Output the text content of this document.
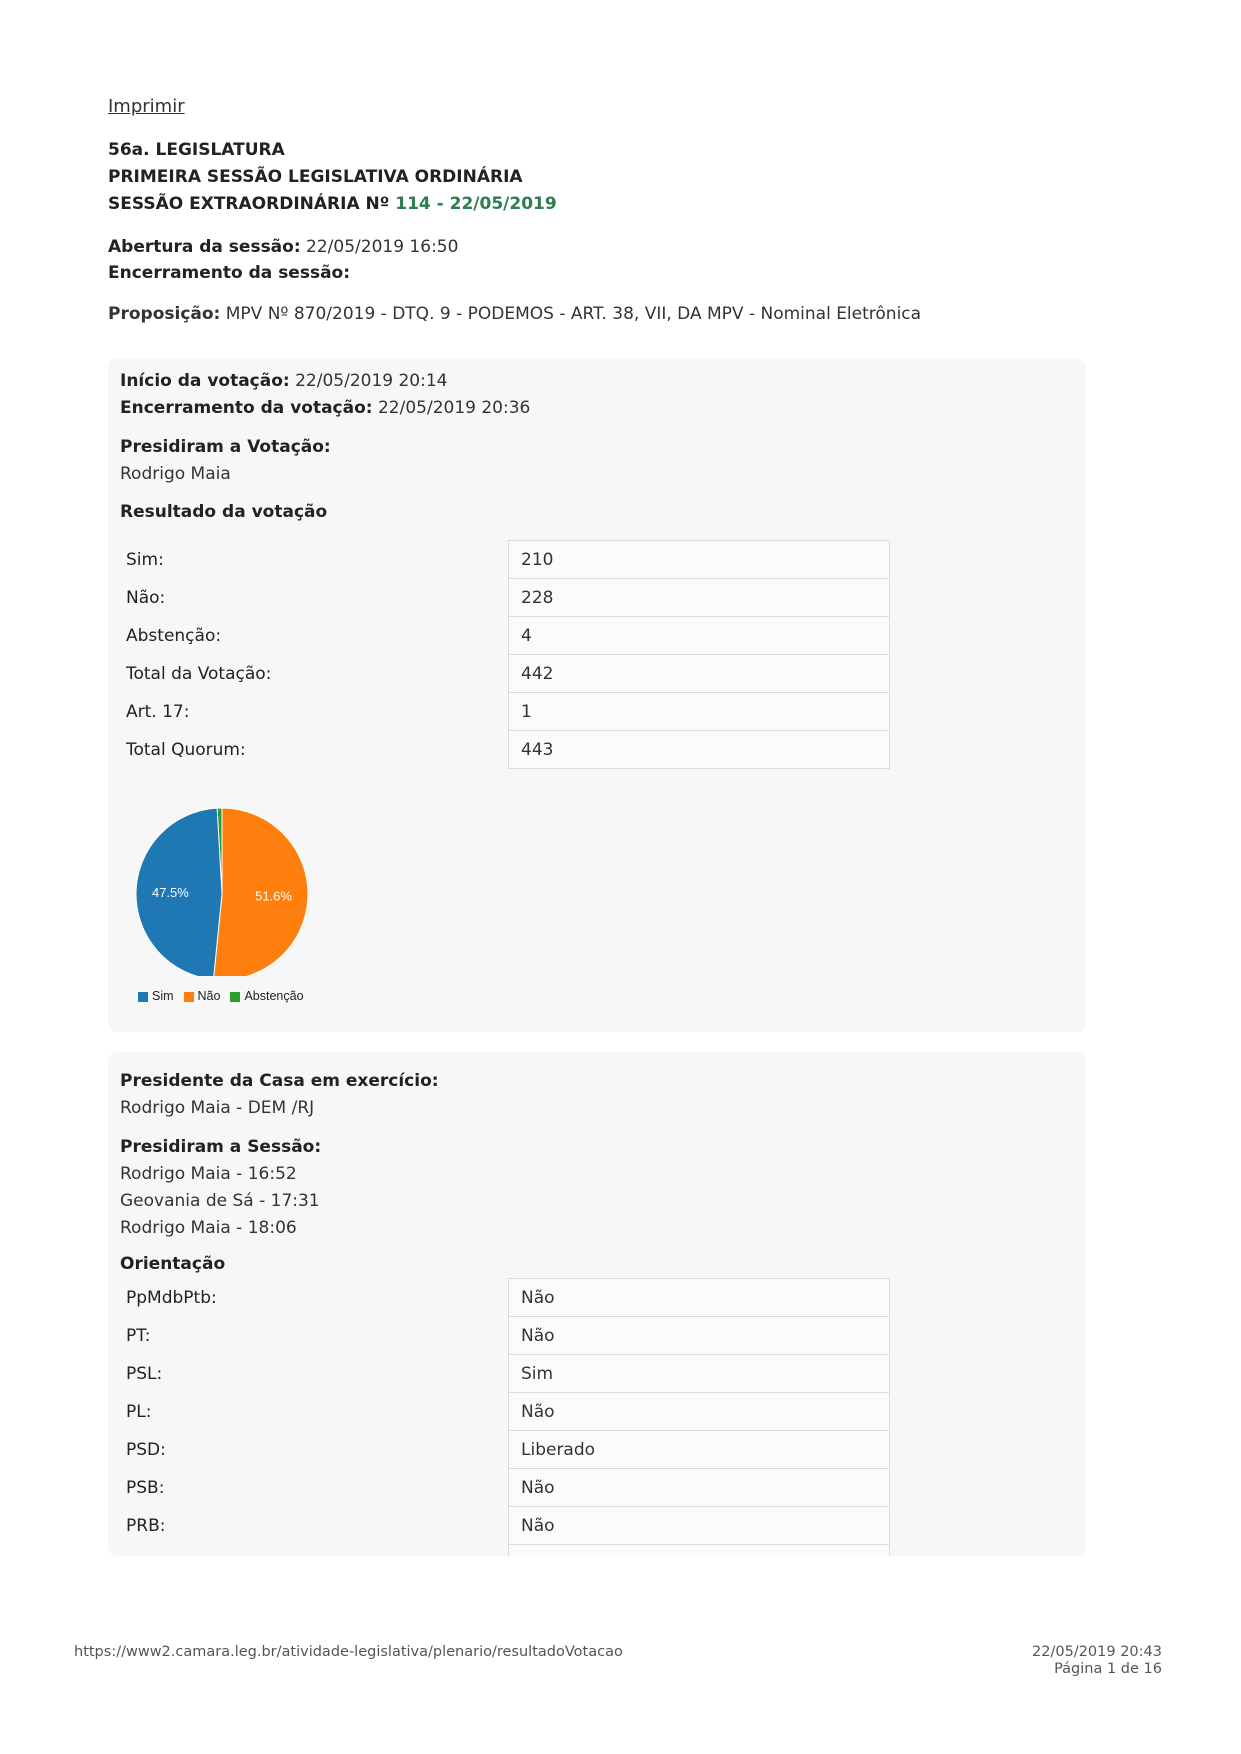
Imprimir
56a. LEGISLATURA
PRIMEIRA SESSÃO LEGISLATIVA ORDINÁRIA
SESSÃO EXTRAORDINÁRIA Nº 114 - 22/05/2019
Abertura da sessão: 22/05/2019 16:50
Encerramento da sessão:
Proposição: MPV Nº 870/2019 - DTQ. 9 - PODEMOS - ART. 38, VII, DA MPV - Nominal Eletrônica
Início da votação: 22/05/2019 20:14
Encerramento da votação: 22/05/2019 20:36
Presidiram a Votação:
Rodrigo Maia
Resultado da votação
Sim:	210
Não:	228
Abstenção:	4
Total da Votação:	442
Art. 17:	1
Total Quorum:	443
51.6%
47.5%
Sim	Não	Abstenção
Presidente da Casa em exercício:
Rodrigo Maia - DEM /RJ
Presidiram a Sessão:
Rodrigo Maia - 16:52
Geovania de Sá - 17:31
Rodrigo Maia - 18:06
Orientação
PpMdbPtb:	Não
PT:	Não
PSL:	Sim
PL:	Não
PSD:	Liberado
PSB:	Não
PRB:	Não

https://www2.camara.leg.br/atividade-legislativa/plenario/resultadoVotacao	22/05/2019 20:43
Página 1 de 16
